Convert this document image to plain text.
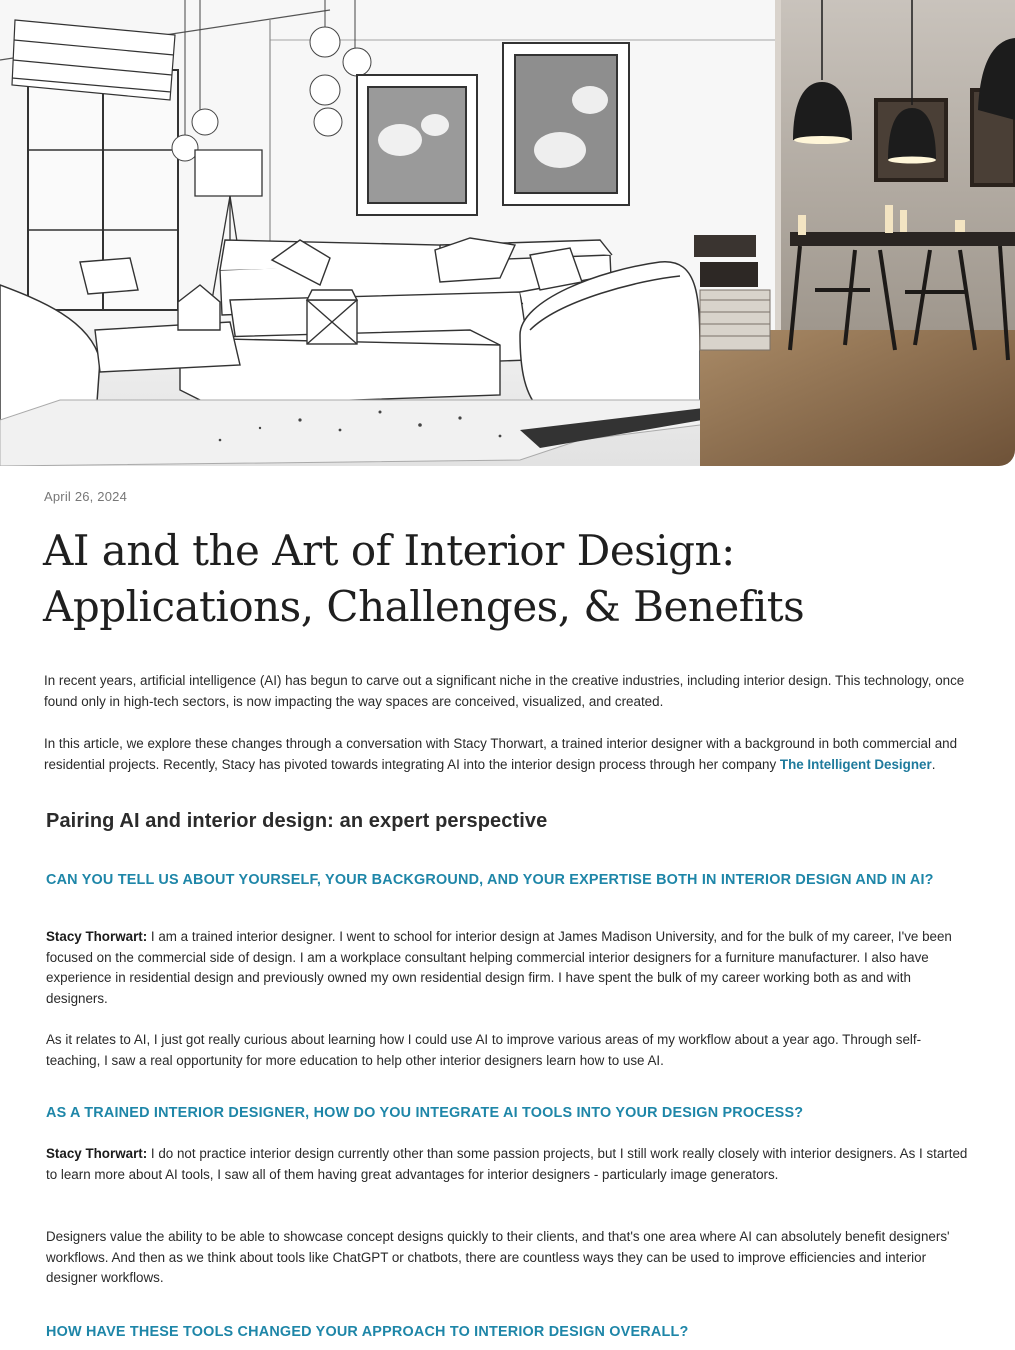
April 26, 2024
AI and the Art of Interior Design: Applications, Challenges, & Benefits

In recent years, artificial intelligence (AI) has begun to carve out a significant niche in the creative industries, including interior design. This technology, once found only in high-tech sectors, is now impacting the way spaces are conceived, visualized, and created.

In this article, we explore these changes through a conversation with Stacy Thorwart, a trained interior designer with a background in both commercial and residential projects. Recently, Stacy has pivoted towards integrating AI into the interior design process through her company The Intelligent Designer.

Pairing AI and interior design: an expert perspective
CAN YOU TELL US ABOUT YOURSELF, YOUR BACKGROUND, AND YOUR EXPERTISE BOTH IN INTERIOR DESIGN AND IN AI?

Stacy Thorwart: I am a trained interior designer. I went to school for interior design at James Madison University, and for the bulk of my career, I've been focused on the commercial side of design. I am a workplace consultant helping commercial interior designers for a furniture manufacturer. I also have experience in residential design and previously owned my own residential design firm. I have spent the bulk of my career working both as and with designers.

As it relates to AI, I just got really curious about learning how I could use AI to improve various areas of my workflow about a year ago. Through self-teaching, I saw a real opportunity for more education to help other interior designers learn how to use AI.

AS A TRAINED INTERIOR DESIGNER, HOW DO YOU INTEGRATE AI TOOLS INTO YOUR DESIGN PROCESS?

Stacy Thorwart: I do not practice interior design currently other than some passion projects, but I still work really closely with interior designers. As I started to learn more about AI tools, I saw all of them having great advantages for interior designers - particularly image generators.

Designers value the ability to be able to showcase concept designs quickly to their clients, and that's one area where AI can absolutely benefit designers' workflows. And then as we think about tools like ChatGPT or chatbots, there are countless ways they can be used to improve efficiencies and interior designer workflows.

HOW HAVE THESE TOOLS CHANGED YOUR APPROACH TO INTERIOR DESIGN OVERALL?
